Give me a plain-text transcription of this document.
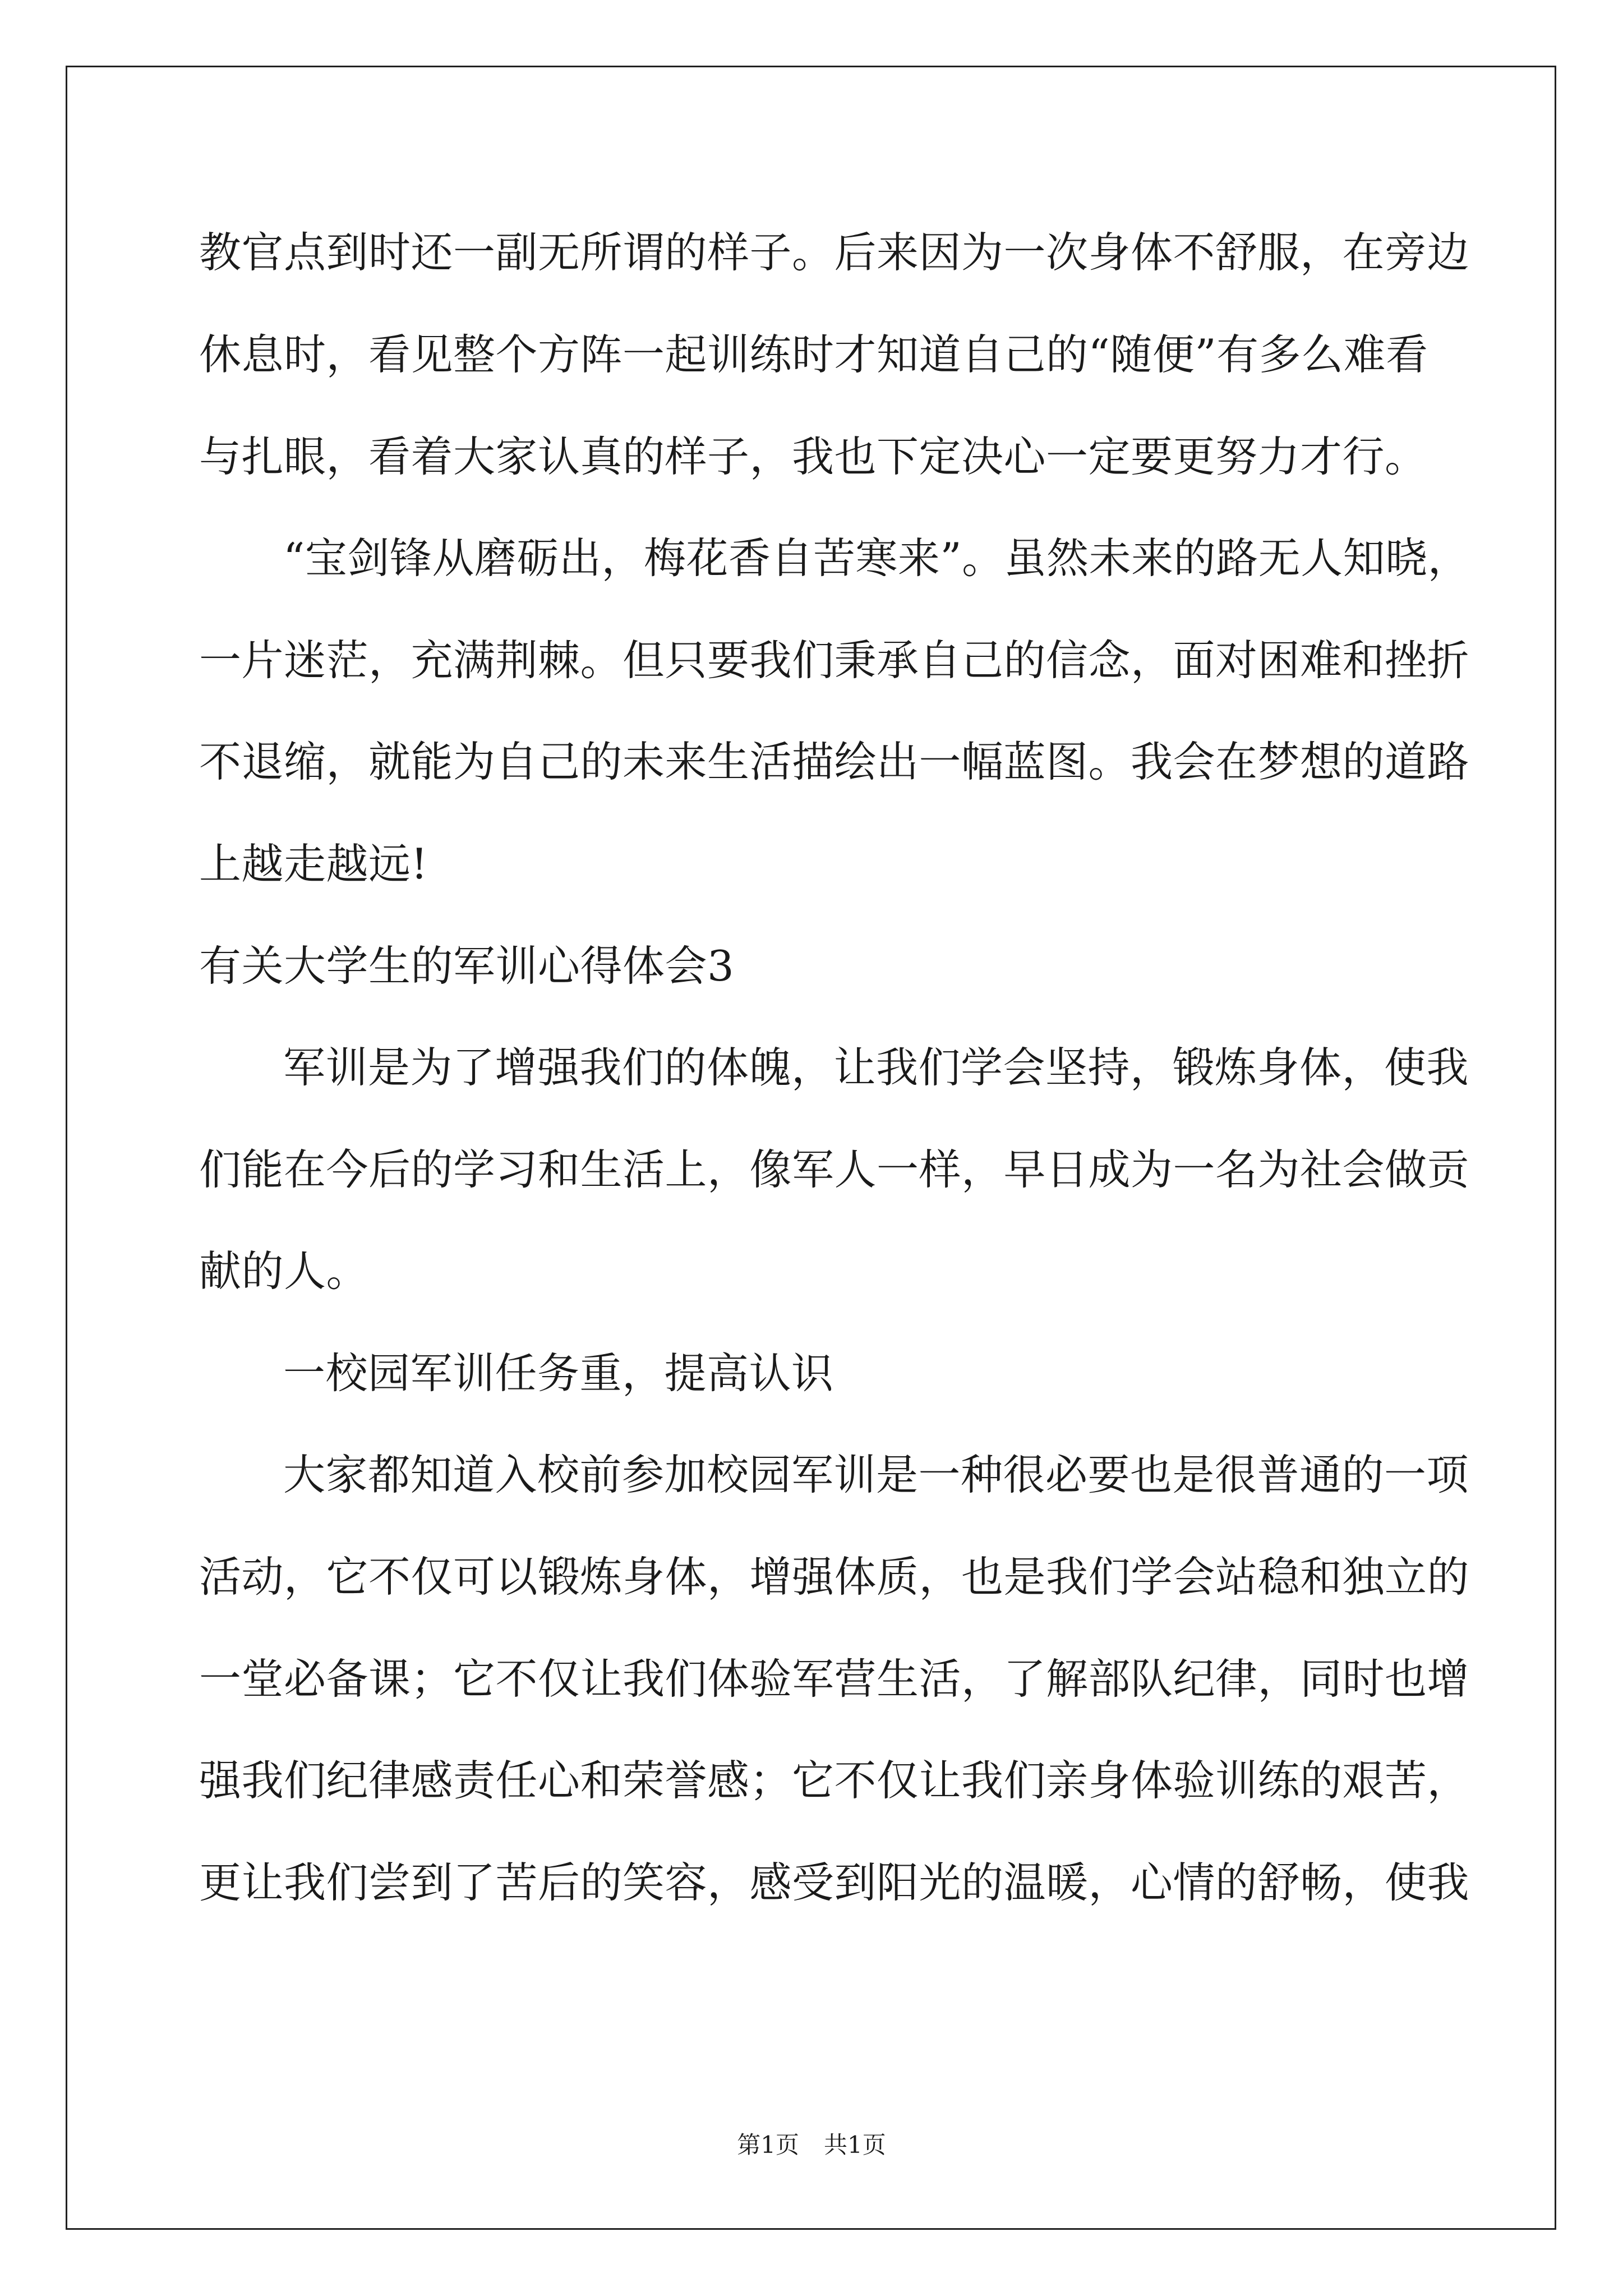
教官点到时还一副无所谓的样子。后来因为一次身体不舒服，在旁边

休息时，看见整个方阵一起训练时才知道自己的“随便”有多么难看

与扎眼，看着大家认真的样子，我也下定决心一定要更努力才行。

“宝剑锋从磨砺出，梅花香自苦寒来”。虽然未来的路无人知晓，

一片迷茫，充满荆棘。但只要我们秉承自己的信念，面对困难和挫折

不退缩，就能为自己的未来生活描绘出一幅蓝图。我会在梦想的道路

上越走越远!

有关大学生的军训心得体会3

军训是为了增强我们的体魄，让我们学会坚持，锻炼身体，使我

们能在今后的学习和生活上，像军人一样，早日成为一名为社会做贡

献的人。

一校园军训任务重，提高认识

大家都知道入校前参加校园军训是一种很必要也是很普通的一项

活动，它不仅可以锻炼身体，增强体质，也是我们学会站稳和独立的

一堂必备课；它不仅让我们体验军营生活，了解部队纪律，同时也增

强我们纪律感责任心和荣誉感；它不仅让我们亲身体验训练的艰苦，

更让我们尝到了苦后的笑容，感受到阳光的温暖，心情的舒畅，使我

第1页 共1页
